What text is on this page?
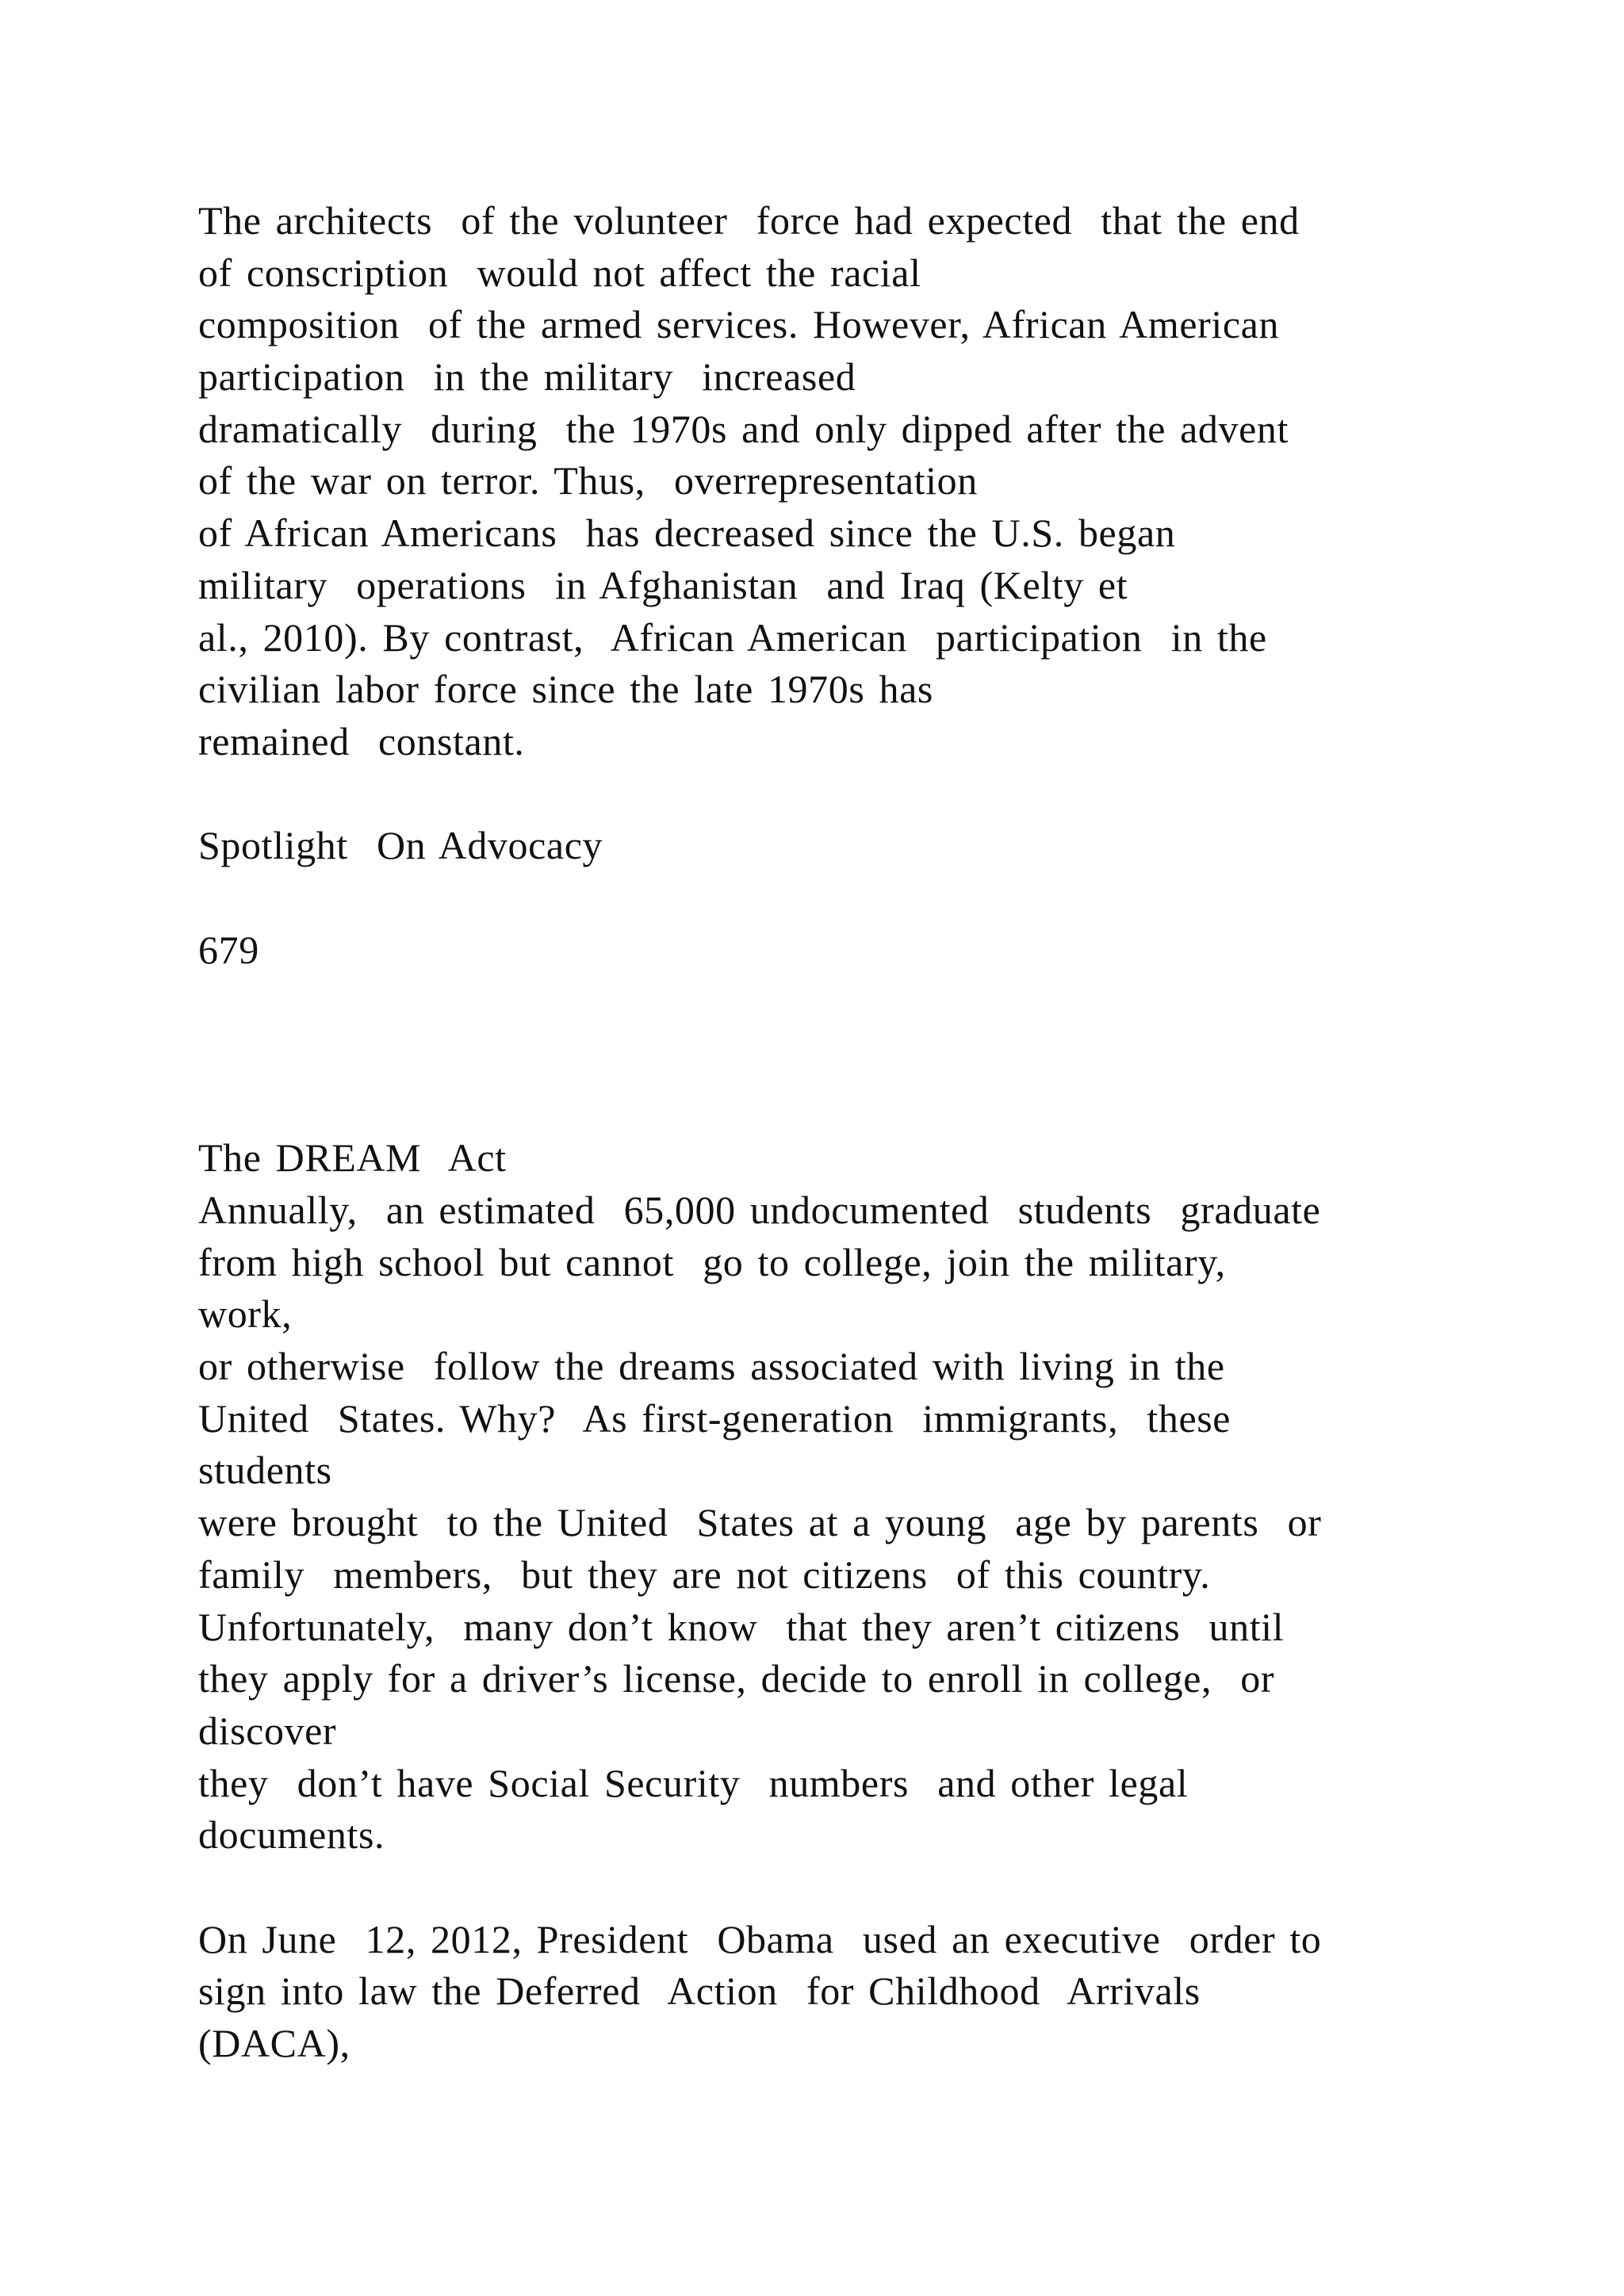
The architects  of the volunteer  force had expected  that the end
of conscription  would not affect the racial
composition  of the armed services. However, African American
participation  in the military  increased
dramatically  during  the 1970s and only dipped after the advent
of the war on terror. Thus,  overrepresentation
of African Americans  has decreased since the U.S. began
military  operations  in Afghanistan  and Iraq (Kelty et
al., 2010). By contrast,  African American  participation  in the
civilian labor force since the late 1970s has
remained  constant.
Spotlight  On Advocacy
679
The DREAM  Act
Annually,  an estimated  65,000 undocumented  students  graduate
from high school but cannot  go to college, join the military,
work,
or otherwise  follow the dreams associated with living in the
United  States. Why?  As first-generation  immigrants,  these
students
were brought  to the United  States at a young  age by parents  or
family  members,  but they are not citizens  of this country.
Unfortunately,  many don’t know  that they aren’t citizens  until
they apply for a driver’s license, decide to enroll in college,  or
discover
they  don’t have Social Security  numbers  and other legal
documents.
On June  12, 2012, President  Obama  used an executive  order to
sign into law the Deferred  Action  for Childhood  Arrivals
(DACA),
